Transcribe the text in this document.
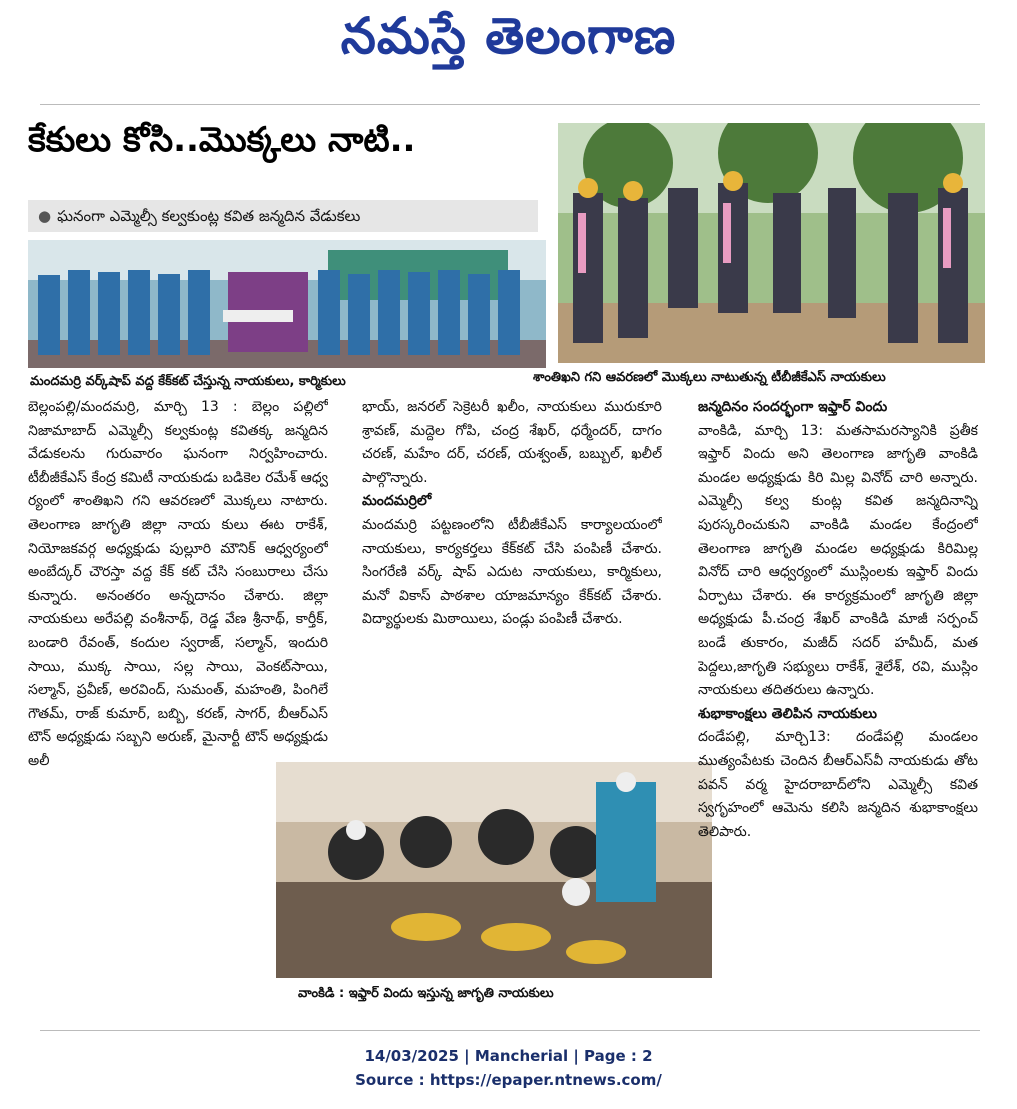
నమస్తే తెలంగాణ
కేకులు కోసి..మొక్కలు నాటి..
● ఘనంగా ఎమ్మెల్సీ కల్వకుంట్ల కవిత జన్మదిన వేడుకలు
మందమర్రి వర్క్‌షాప్ వద్ద కేక్‌కట్ చేస్తున్న నాయకులు, కార్మికులు	శాంతిఖని గని ఆవరణలో మొక్కలు నాటుతున్న టీబీజీకేఎస్ నాయకులు

బెల్లంపల్లి/మందమర్రి, మార్చి 13 : బెల్లం పల్లిలో నిజామాబాద్ ఎమ్మెల్సీ కల్వకుంట్ల కవితక్క జన్మదిన వేడుకలను గురువారం ఘనంగా నిర్వహించారు. టీబీజీకేఎస్ కేంద్ర కమిటీ నాయకుడు బడికెల రమేశ్ ఆధ్వ ర్యంలో శాంతిఖని గని ఆవరణలో మొక్కలు నాటారు. తెలంగాణ జాగృతి జిల్లా నాయ కులు ఈట రాకేశ్, నియోజకవర్గ అధ్యక్షుడు పుల్లూరి మౌనిక్ ఆధ్వర్యంలో అంబేద్కర్ చౌరస్తా వద్ద కేక్ కట్ చేసి సంబురాలు చేసు కున్నారు. అనంతరం అన్నదానం చేశారు. జిల్లా నాయకులు అరేపల్లి వంశీనాథ్, రెడ్డ వేణ శ్రీనాథ్, కార్తీక్, బండారి రేవంత్, కందుల స్వరాజ్, సల్మాన్, ఇందురి సాయి, ముక్క సాయి, సల్ల సాయి, వెంకట్‌సాయి, సల్మాన్, ప్రవీణ్, అరవింద్, సుమంత్, మహంతి, పింగిలే గౌతమ్, రాజ్ కుమార్, బబ్బి, కరణ్, సాగర్, బీఆర్‌ఎస్ టౌన్ అధ్యక్షుడు సబ్బని అరుణ్, మైనార్టీ టౌన్ అధ్యక్షుడు అలీ

భాయ్, జనరల్ సెక్రెటరీ ఖలీం, నాయకులు మురుకూరి శ్రావణ్, మద్దెల గోపి, చంద్ర శేఖర్, ధర్మేందర్, దాగం చరణ్, మహేం దర్, చరణ్, యశ్వంత్, బబ్బుల్, ఖలీల్ పాల్గొన్నారు.

మందమర్రిలో

మందమర్రి పట్టణంలోని టీబీజీకేఎస్ కార్యాలయంలో నాయకులు, కార్యకర్తలు కేక్‌కట్ చేసి పంపిణీ చేశారు. సింగరేణి వర్క్ షాప్ ఎదుట నాయకులు, కార్మికులు, మనో వికాస్ పాఠశాల యాజమాన్యం కేక్‌కట్ చేశారు. విద్యార్థులకు మిఠాయిలు, పండ్లు పంపిణీ చేశారు.

వాంకిడి : ఇఫ్తార్ విందు ఇస్తున్న జాగృతి నాయకులు

జన్మదినం సందర్భంగా ఇఫ్తార్ విందు

వాంకిడి, మార్చి 13: మతసామరస్యానికి ప్రతీక ఇఫ్తార్ విందు అని తెలంగాణ జాగృతి వాంకిడి మండల అధ్యక్షుడు కిరి మిల్ల వినోద్ చారి అన్నారు. ఎమ్మెల్సీ కల్వ కుంట్ల కవిత జన్మదినాన్ని పురస్కరించుకుని వాంకిడి మండల కేంద్రంలో తెలంగాణ జాగృతి మండల అధ్యక్షుడు కిరిమిల్ల వినోద్ చారి ఆధ్వర్యంలో ముస్లింలకు ఇఫ్తార్ విందు ఏర్పాటు చేశారు. ఈ కార్యక్రమంలో జాగృతి జిల్లా అధ్యక్షుడు పీ.చంద్ర శేఖర్ వాంకిడి మాజీ సర్పంచ్ బండే తుకారం, మజీద్ సదర్ హమీద్, మత పెద్దలు,జాగృతి సభ్యులు రాకేశ్, శైలేశ్, రవి, ముస్లిం నాయకులు తదితరులు ఉన్నారు.

శుభాకాంక్షలు తెలిపిన నాయకులు

దండేపల్లి, మార్చి13: దండేపల్లి మండలం ముత్యంపేటకు చెందిన బీఆర్‌ఎస్‌వీ నాయకుడు తోట పవన్ వర్మ హైదరాబాద్‌లోని ఎమ్మెల్సీ కవిత స్వగృహంలో ఆమెను కలిసి జన్మదిన శుభాకాంక్షలు తెలిపారు.

14/03/2025 | Mancherial | Page : 2
Source : https://epaper.ntnews.com/
